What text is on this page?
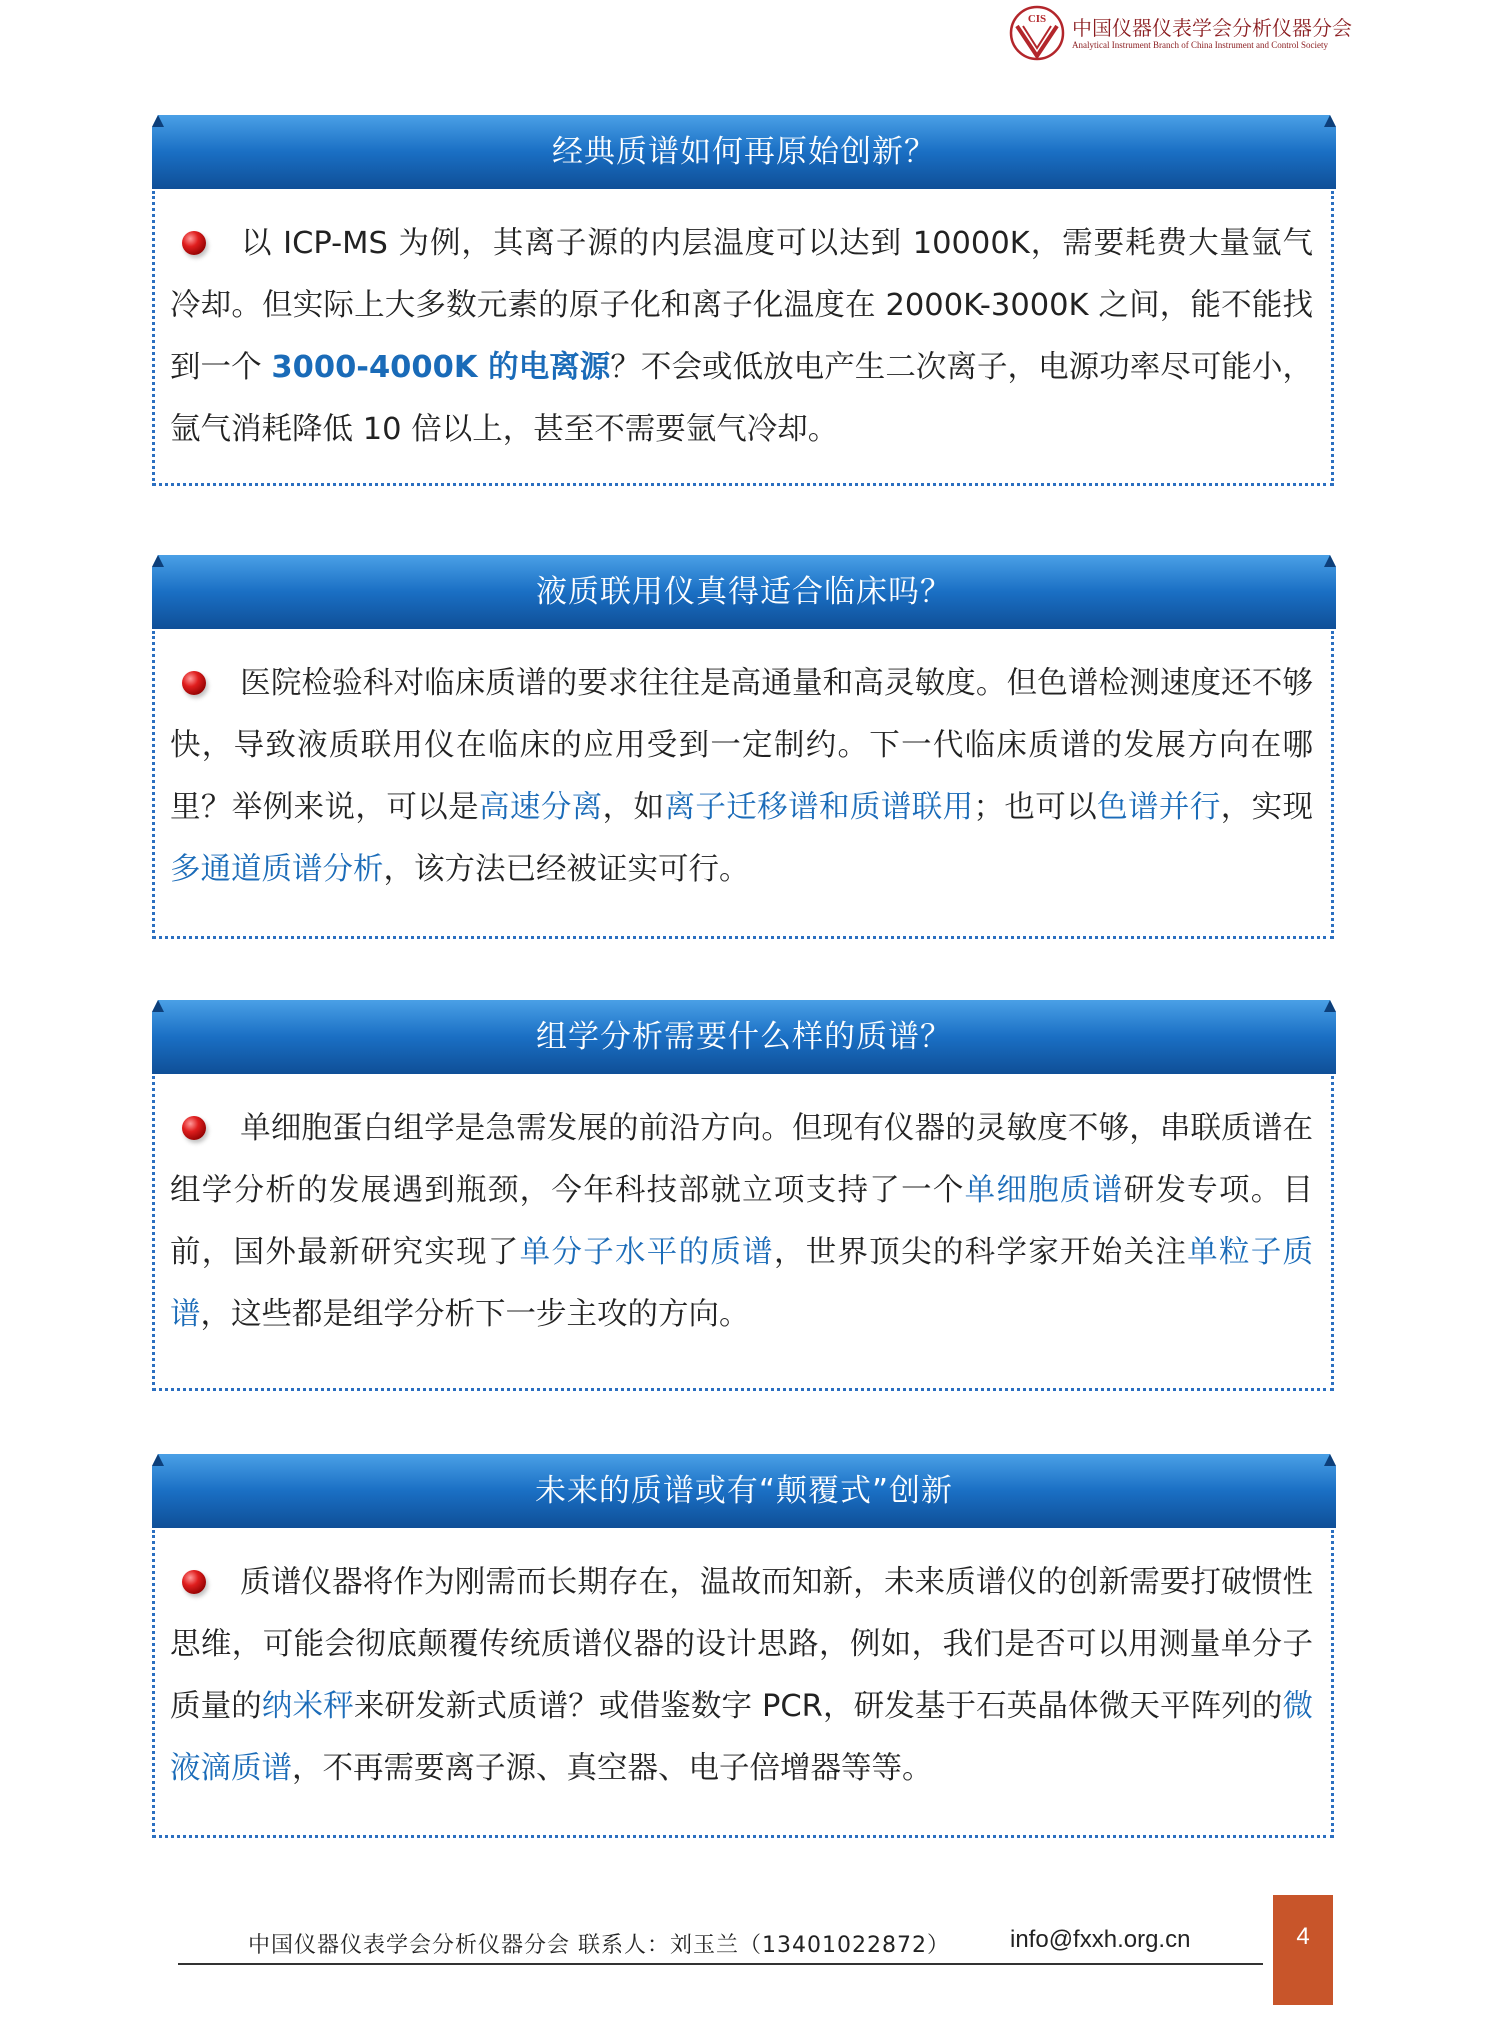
CIS 中国仪器仪表学会分析仪器分会
Analytical Instrument Branch of China Instrument and Control Society
经典质谱如何再原始创新？

以 ICP-MS 为例，其离子源的内层温度可以达到 10000K，需要耗费大量氩气冷却。但实际上大多数元素的原子化和离子化温度在 2000K-3000K 之间，能不能找到一个 3000-4000K 的电离源？不会或低放电产生二次离子，电源功率尽可能小，氩气消耗降低 10 倍以上，甚至不需要氩气冷却。

液质联用仪真得适合临床吗？

医院检验科对临床质谱的要求往往是高通量和高灵敏度。但色谱检测速度还不够快，导致液质联用仪在临床的应用受到一定制约。下一代临床质谱的发展方向在哪里？举例来说，可以是高速分离，如离子迁移谱和质谱联用；也可以色谱并行，实现多通道质谱分析，该方法已经被证实可行。

组学分析需要什么样的质谱？

单细胞蛋白组学是急需发展的前沿方向。但现有仪器的灵敏度不够，串联质谱在组学分析的发展遇到瓶颈，今年科技部就立项支持了一个单细胞质谱研发专项。目前，国外最新研究实现了单分子水平的质谱，世界顶尖的科学家开始关注单粒子质谱，这些都是组学分析下一步主攻的方向。

未来的质谱或有“颠覆式”创新

质谱仪器将作为刚需而长期存在，温故而知新，未来质谱仪的创新需要打破惯性思维，可能会彻底颠覆传统质谱仪器的设计思路，例如，我们是否可以用测量单分子质量的纳米秤来研发新式质谱？或借鉴数字 PCR，研发基于石英晶体微天平阵列的微液滴质谱，不再需要离子源、真空器、电子倍增器等等。

中国仪器仪表学会分析仪器分会 联系人：刘玉兰（13401022872）	info@fxxh.org.cn	4
